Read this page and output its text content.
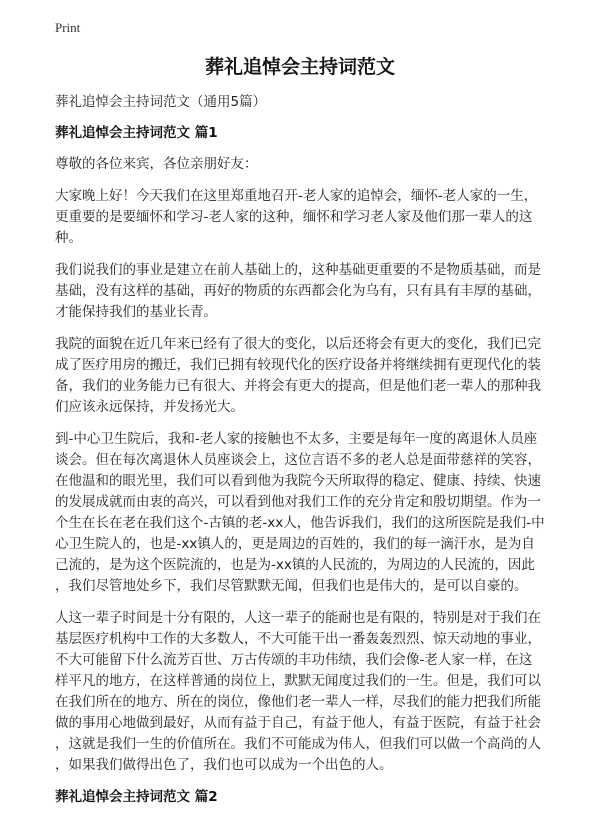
Print
葬礼追悼会主持词范文
葬礼追悼会主持词范文（通用5篇）
葬礼追悼会主持词范文 篇1
尊敬的各位来宾，各位亲朋好友：
大家晚上好！今天我们在这里郑重地召开-老人家的追悼会，缅怀-老人家的一生，
更重要的是要缅怀和学习-老人家的这种，缅怀和学习老人家及他们那一辈人的这
种。
我们说我们的事业是建立在前人基础上的，这种基础更重要的不是物质基础，而是
基础，没有这样的基础，再好的物质的东西都会化为乌有，只有具有丰厚的基础，
才能保持我们的基业长青。
我院的面貌在近几年来已经有了很大的变化，以后还将会有更大的变化，我们已完
成了医疗用房的搬迁，我们已拥有较现代化的医疗设备并将继续拥有更现代化的装
备，我们的业务能力已有很大、并将会有更大的提高，但是他们老一辈人的那种我
们应该永远保持，并发扬光大。
到-中心卫生院后，我和-老人家的接触也不太多，主要是每年一度的离退休人员座
谈会。但在每次离退休人员座谈会上，这位言语不多的老人总是面带慈祥的笑容，
在他温和的眼光里，我们可以看到他为我院今天所取得的稳定、健康、持续、快速
的发展成就而由衷的高兴，可以看到他对我们工作的充分肯定和殷切期望。作为一
个生在长在老在我们这个-古镇的老-xx人，他告诉我们，我们的这所医院是我们-中
心卫生院人的，也是-xx镇人的，更是周边的百姓的，我们的每一滴汗水，是为自
己流的，是为这个医院流的，也是为-xx镇的人民流的，为周边的人民流的，因此
，我们尽管地处乡下，我们尽管默默无闻，但我们也是伟大的，是可以自豪的。
人这一辈子时间是十分有限的，人这一辈子的能耐也是有限的，特别是对于我们在
基层医疗机构中工作的大多数人，不大可能干出一番轰轰烈烈、惊天动地的事业，
不大可能留下什么流芳百世、万古传颂的丰功伟绩，我们会像-老人家一样，在这
样平凡的地方，在这样普通的岗位上，默默无闻度过我们的一生。但是，我们可以
在我们所在的地方、所在的岗位，像他们老一辈人一样，尽我们的能力把我们所能
做的事用心地做到最好，从而有益于自己，有益于他人，有益于医院，有益于社会
，这就是我们一生的价值所在。我们不可能成为伟人，但我们可以做一个高尚的人
，如果我们做得出色了，我们也可以成为一个出色的人。
葬礼追悼会主持词范文 篇2
